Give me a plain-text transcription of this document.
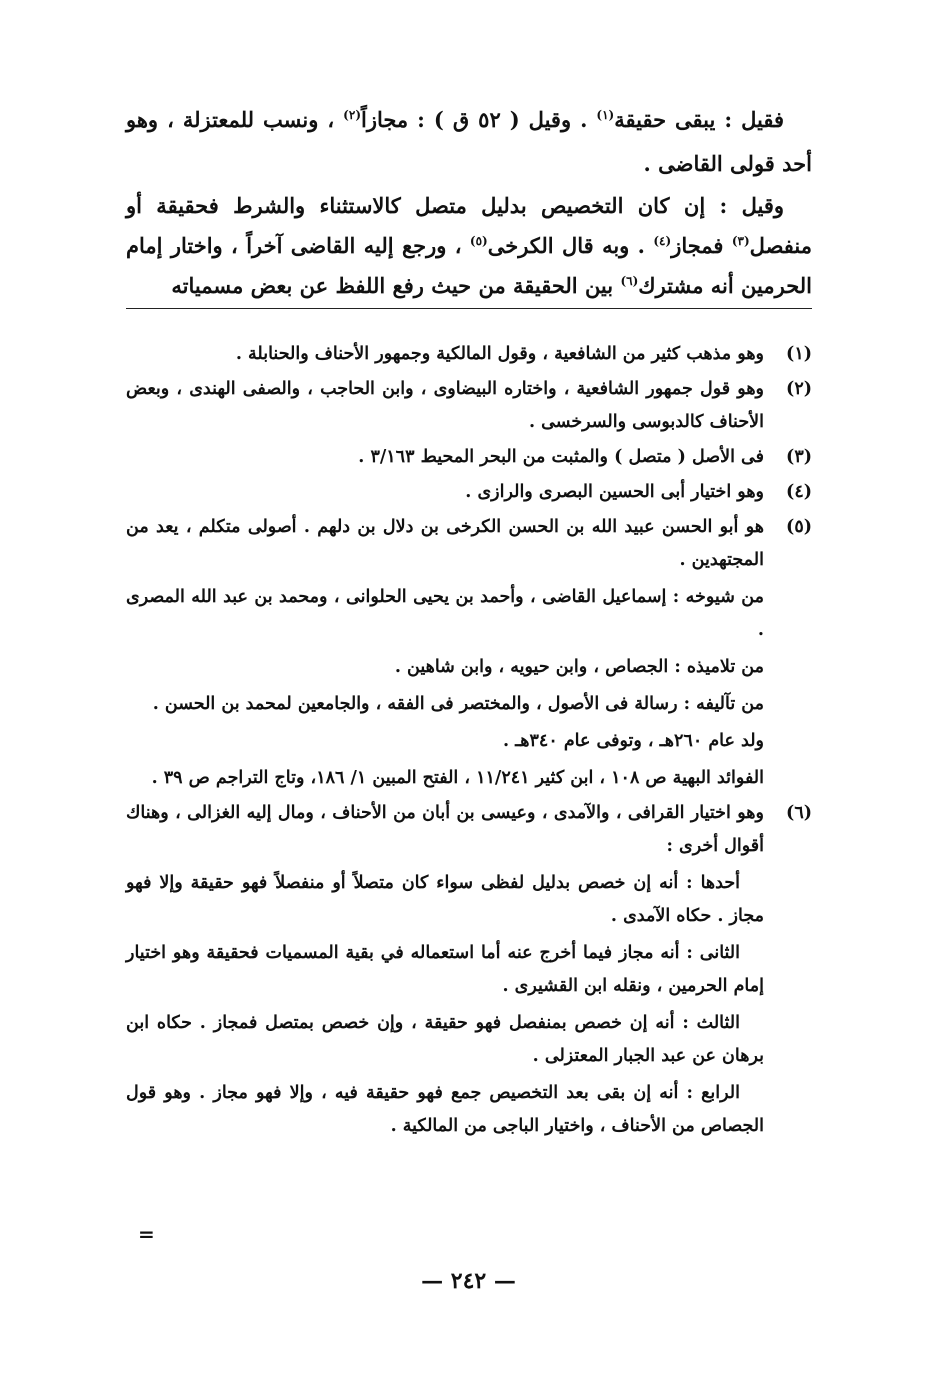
فقيل : يبقى حقيقة$^{(١)}$ . وقيل ( ٥٢ ق ) : مجازاً$^{(٢)}$ ، ونسب للمعتزلة ، وهو أحد قولى القاضى .

وقيل : إن كان التخصيص بدليل متصل كالاستثناء والشرط فحقيقة أو منفصل$^{(٣)}$ فمجاز$^{(٤)}$ . وبه قال الكرخى$^{(٥)}$ ، ورجع إليه القاضى آخراً ، واختار إمام الحرمين أنه مشترك$^{(٦)}$ بين الحقيقة من حيث رفع اللفظ عن بعض مسمياته

(١)

وهو مذهب كثير من الشافعية ، وقول المالكية وجمهور الأحناف والحنابلة .

(٢)

وهو قول جمهور الشافعية ، واختاره البيضاوى ، وابن الحاجب ، والصفى الهندى ، وبعض الأحناف كالدبوسى والسرخسى .

(٣)

فى الأصل ( متصل ) والمثبت من البحر المحيط ٣/١٦٣ .

(٤)

وهو اختيار أبى الحسين البصرى والرازى .

(٥)

هو أبو الحسن عبيد الله بن الحسن الكرخى بن دلال بن دلهم . أصولى متكلم ، يعد من المجتهدين .

من شيوخه : إسماعيل القاضى ، وأحمد بن يحيى الحلوانى ، ومحمد بن عبد الله المصرى .

من تلاميذه : الجصاص ، وابن حيويه ، وابن شاهين .

من تآليفه : رسالة فى الأصول ، والمختصر فى الفقه ، والجامعين لمحمد بن الحسن .

ولد عام ٢٦٠هـ ، وتوفى عام ٣٤٠هـ .

الفوائد البهية ص ١٠٨ ، ابن كثير ١١/٢٤١ ، الفتح المبين ١/ ١٨٦، وتاج التراجم ص ٣٩ .

(٦)

وهو اختيار القرافى ، والآمدى ، وعيسى بن أبان من الأحناف ، ومال إليه الغزالى ، وهناك أقوال أخرى :

أحدها : أنه إن خصص بدليل لفظى سواء كان متصلاً أو منفصلاً فهو حقيقة وإلا فهو مجاز . حكاه الآمدى .

الثانى : أنه مجاز فيما أخرج عنه أما استعماله في بقية المسميات فحقيقة وهو اختيار إمام الحرمين ، ونقله ابن القشيرى .

الثالث : أنه إن خصص بمنفصل فهو حقيقة ، وإن خصص بمتصل فمجاز . حكاه ابن برهان عن عبد الجبار المعتزلى .

الرابع : أنه إن بقى بعد التخصيص جمع فهو حقيقة فيه ، وإلا فهو مجاز . وهو قول الجصاص من الأحناف ، واختيار الباجى من المالكية .

=
— ٢٤٢ —
